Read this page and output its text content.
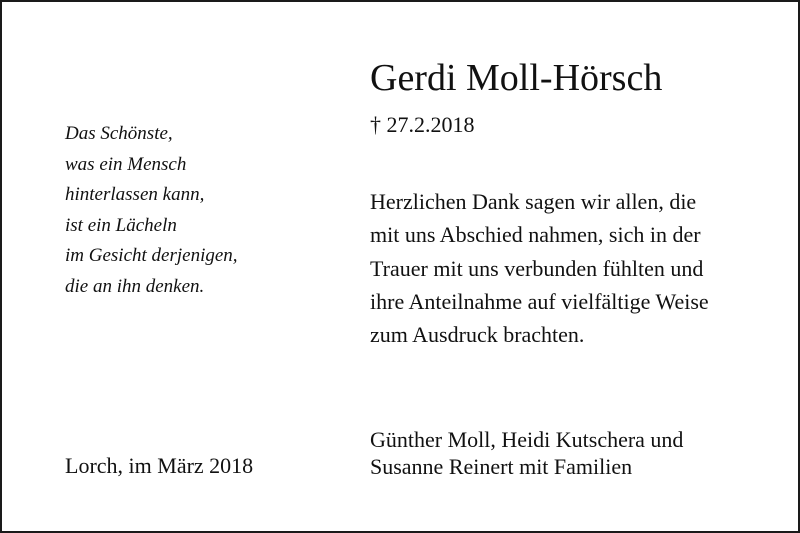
Das Schönste,
was ein Mensch
hinterlassen kann,
ist ein Lächeln
im Gesicht derjenigen,
die an ihn denken.
Lorch, im März 2018
Gerdi Moll-Hörsch
† 27.2.2018
Herzlichen Dank sagen wir allen, die
mit uns Abschied nahmen, sich in der
Trauer mit uns verbunden fühlten und
ihre Anteilnahme auf vielfältige Weise
zum Ausdruck brachten.
Günther Moll, Heidi Kutschera und
Susanne Reinert mit Familien
